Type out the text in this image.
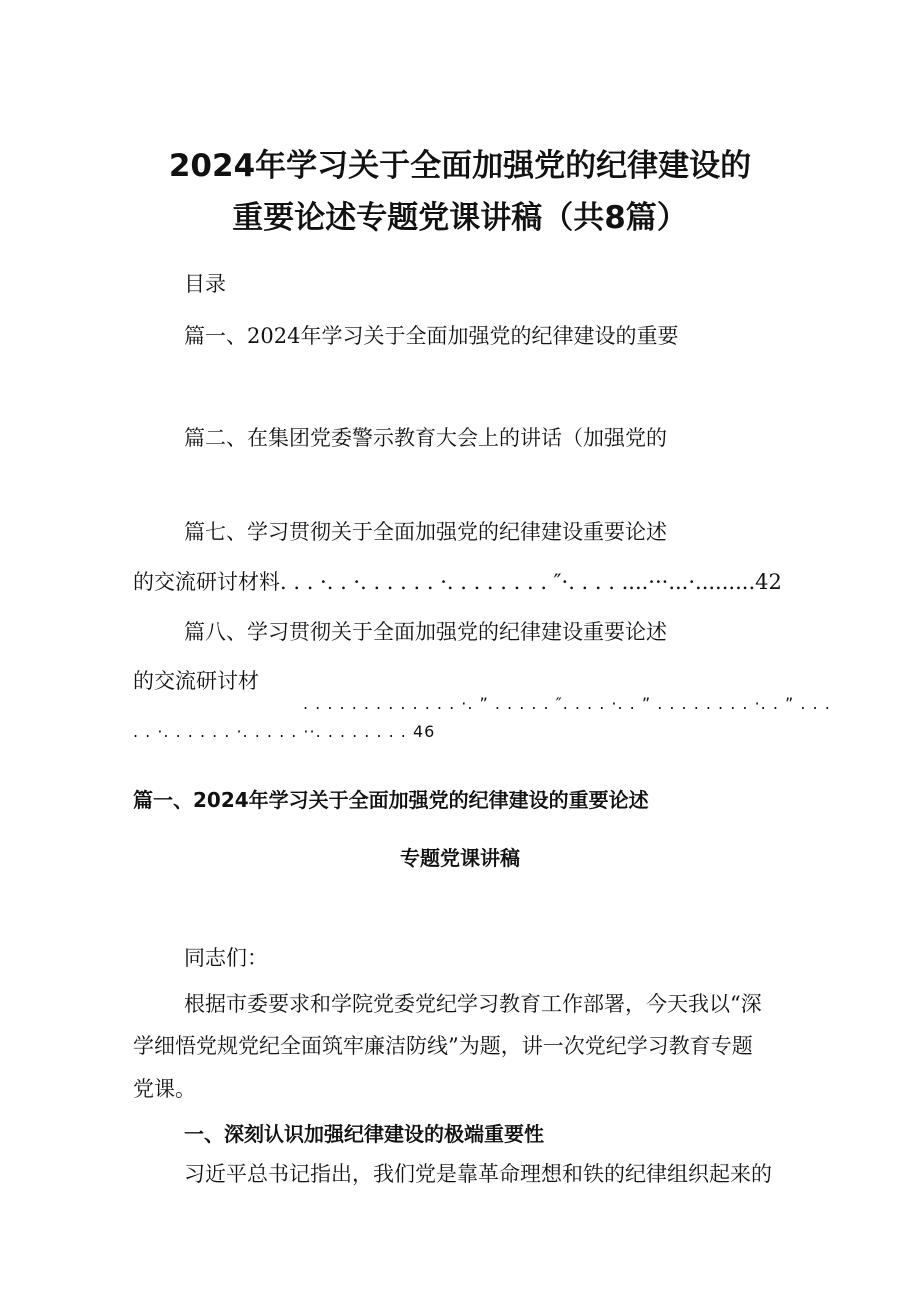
2024年学习关于全面加强党的纪律建设的
重要论述专题党课讲稿（共8篇）
目录
篇一、2024年学习关于全面加强党的纪律建设的重要
篇二、在集团党委警示教育大会上的讲话（加强党的
篇七、学习贯彻关于全面加强党的纪律建设重要论述
的交流研讨材料. . . ·. . ·. . . . . . ·. . . . . . . . ″·. . . . ....···...·.........42
篇八、学习贯彻关于全面加强党的纪律建设重要论述
的交流研讨材
. . . . . . . . . . . . . ·. ” . . . . . ″. . . . ·. . ” . . . . . . . . ·. . ” . . .
. . ·. . . . . . ·. . . . . ··. . . . . . . . 46
篇一、2024年学习关于全面加强党的纪律建设的重要论述
专题党课讲稿
同志们：
根据市委要求和学院党委党纪学习教育工作部署，今天我以“深
学细悟党规党纪全面筑牢廉洁防线”为题，讲一次党纪学习教育专题
党课。
一、深刻认识加强纪律建设的极端重要性
习近平总书记指出，我们党是靠革命理想和铁的纪律组织起来的
